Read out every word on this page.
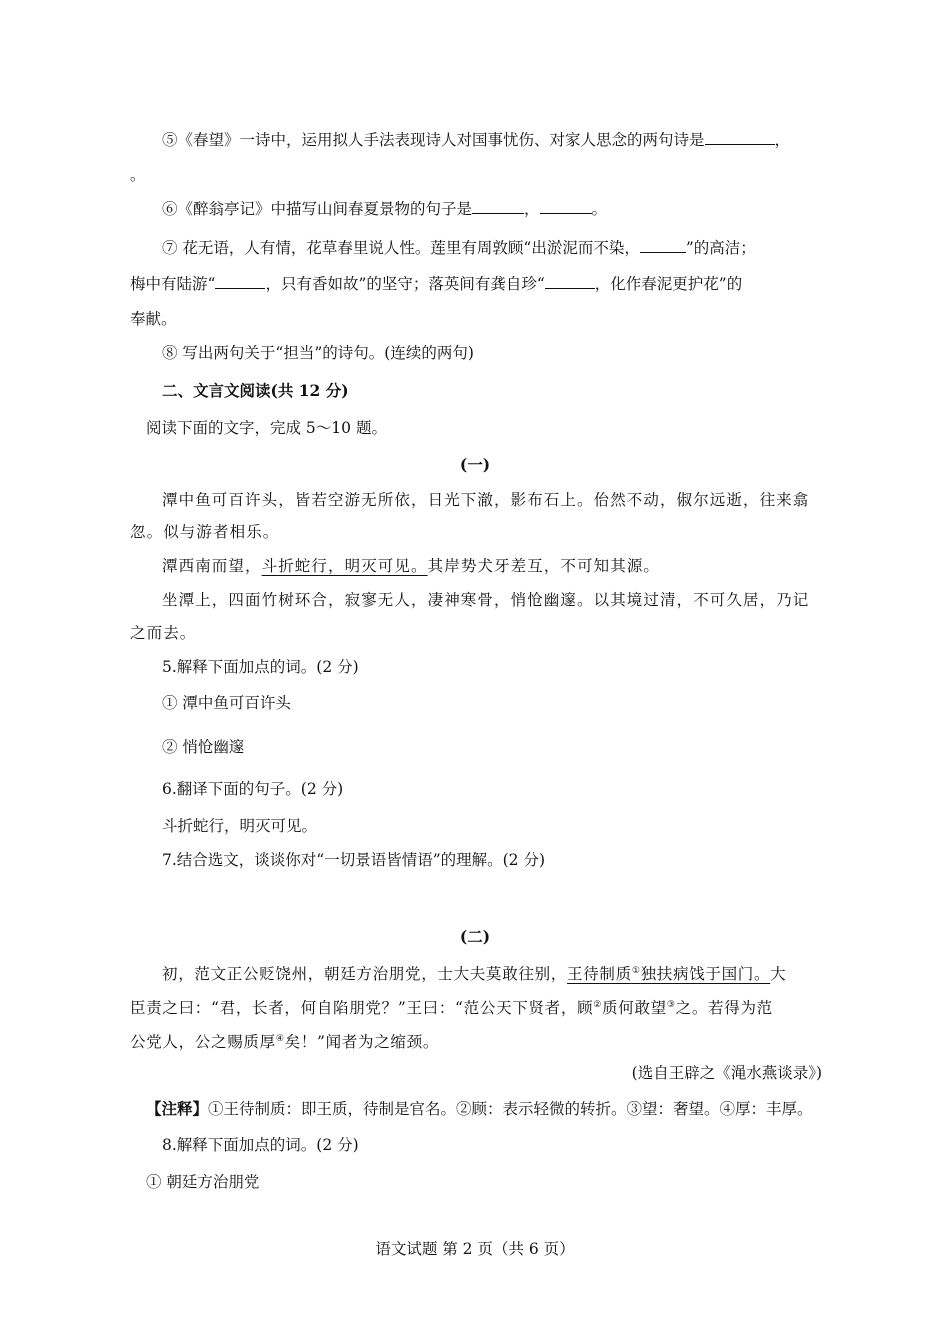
⑤《春望》一诗中，运用拟人手法表现诗人对国事忧伤、对家人思念的两句诗是	，
。
⑥《醉翁亭记》中描写山间春夏景物的句子是	，	。
⑦ 花无语，人有情，花草春里说人性。莲里有周敦顾“出淤泥而不染，	”的高洁；
梅中有陆游“	，只有香如故”的坚守；落英间有龚自珍“	，化作春泥更护花”的
奉献。
⑧ 写出两句关于“担当”的诗句。(连续的两句)
二、文言文阅读(共 12 分)
阅读下面的文字，完成 5～10 题。
(一)
潭中鱼可百许头，皆若空游无所依，日光下澈，影布石上。佁然不动，俶尔远逝，往来翕
忽。似与游者相乐。
潭西南而望，斗折蛇行，明灭可见。其岸势犬牙差互，不可知其源。
坐潭上，四面竹树环合，寂寥无人，凄神寒骨，悄怆幽邃。以其境过清，不可久居，乃记
之而去。
5.解释下面加点的词。(2 分)
① 潭中鱼可百许头
② 悄怆幽邃
6.翻译下面的句子。(2 分)
斗折蛇行，明灭可见。
7.结合选文，谈谈你对“一切景语皆情语”的理解。(2 分)
(二)
初，范文正公贬饶州，朝廷方治朋党，士大夫莫敢往别，王待制质①独扶病饯于国门。大
臣责之曰：“君，长者，何自陷朋党？”王曰：“范公天下贤者，顾②质何敢望③之。若得为范
公党人，公之赐质厚④矣！”闻者为之缩颈。
(选自王辟之《渑水燕谈录》)
【注释】①王待制质：即王质，待制是官名。②顾：表示轻微的转折。③望：奢望。④厚：丰厚。
8.解释下面加点的词。(2 分)
① 朝廷方治朋党
语文试题 第 2 页（共 6 页）
